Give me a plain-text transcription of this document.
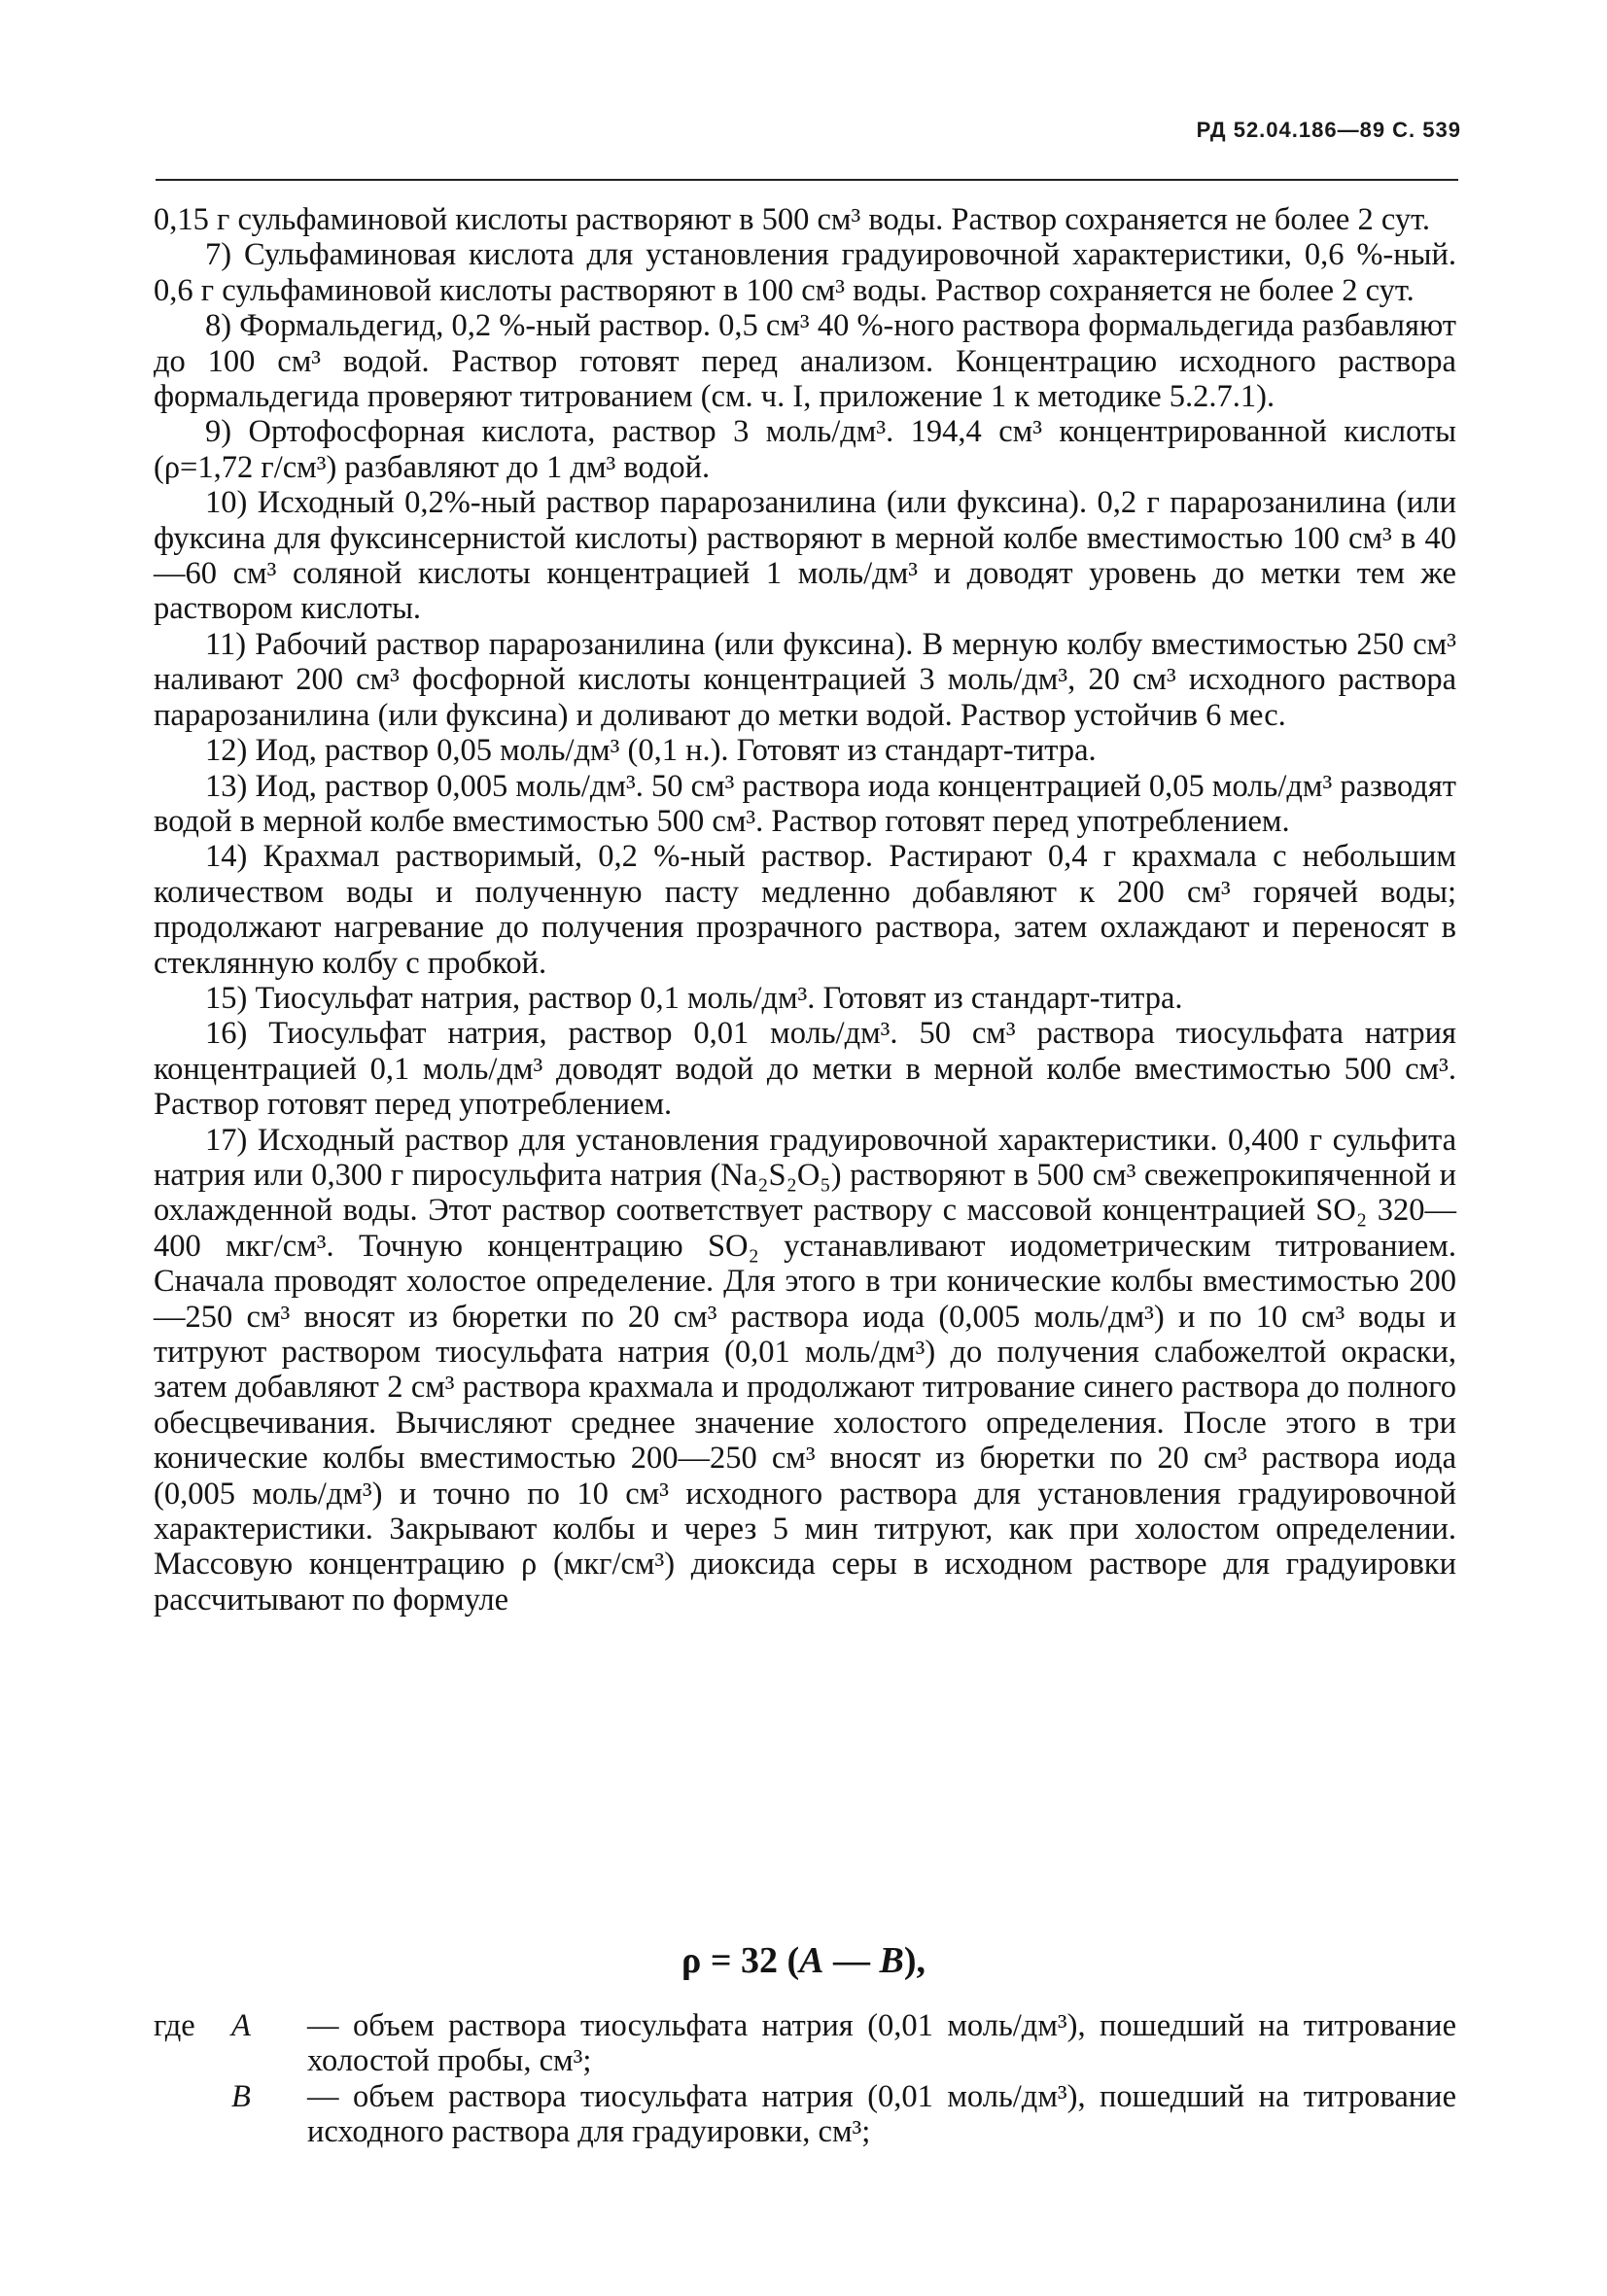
РД 52.04.186—89 С. 539

0,15 г сульфаминовой кислоты растворяют в 500 см³ воды. Раствор сохраняется не более 2 сут.

7) Сульфаминовая кислота для установления градуировочной характеристики, 0,6 %-ный. 0,6 г сульфаминовой кислоты растворяют в 100 см³ воды. Раствор сохраняется не более 2 сут.

8) Формальдегид, 0,2 %-ный раствор. 0,5 см³ 40 %-ного раствора формальдегида разбавляют до 100 см³ водой. Раствор готовят перед анализом. Концентрацию исходного раствора формальдегида проверяют титрованием (см. ч. I, приложение 1 к методике 5.2.7.1).

9) Ортофосфорная кислота, раствор 3 моль/дм³. 194,4 см³ концентрированной кислоты (ρ=1,72 г/см³) разбавляют до 1 дм³ водой.

10) Исходный 0,2%-ный раствор парарозанилина (или фуксина). 0,2 г парарозанилина (или фуксина для фуксинсернистой кислоты) растворяют в мерной колбе вместимостью 100 см³ в 40—60 см³ соляной кислоты концентрацией 1 моль/дм³ и доводят уровень до метки тем же раствором кислоты.

11) Рабочий раствор парарозанилина (или фуксина). В мерную колбу вместимостью 250 см³ наливают 200 см³ фосфорной кислоты концентрацией 3 моль/дм³, 20 см³ исходного раствора парарозанилина (или фуксина) и доливают до метки водой. Раствор устойчив 6 мес.

12) Иод, раствор 0,05 моль/дм³ (0,1 н.). Готовят из стандарт-титра.

13) Иод, раствор 0,005 моль/дм³. 50 см³ раствора иода концентрацией 0,05 моль/дм³ разводят водой в мерной колбе вместимостью 500 см³. Раствор готовят перед употреблением.

14) Крахмал растворимый, 0,2 %-ный раствор. Растирают 0,4 г крахмала с небольшим количеством воды и полученную пасту медленно добавляют к 200 см³ горячей воды; продолжают нагревание до получения прозрачного раствора, затем охлаждают и переносят в стеклянную колбу с пробкой.

15) Тиосульфат натрия, раствор 0,1 моль/дм³. Готовят из стандарт-титра.

16) Тиосульфат натрия, раствор 0,01 моль/дм³. 50 см³ раствора тиосульфата натрия концентрацией 0,1 моль/дм³ доводят водой до метки в мерной колбе вместимостью 500 см³. Раствор готовят перед употреблением.

17) Исходный раствор для установления градуировочной характеристики. 0,400 г сульфита натрия или 0,300 г пиросульфита натрия (Na₂S₂O₅) растворяют в 500 см³ свежепрокипяченной и охлажденной воды. Этот раствор соответствует раствору с массовой концентрацией SO₂ 320—400 мкг/см³. Точную концентрацию SO₂ устанавливают иодометрическим титрованием. Сначала проводят холостое определение. Для этого в три конические колбы вместимостью 200—250 см³ вносят из бюретки по 20 см³ раствора иода (0,005 моль/дм³) и по 10 см³ воды и титруют раствором тиосульфата натрия (0,01 моль/дм³) до получения слабожелтой окраски, затем добавляют 2 см³ раствора крахмала и продолжают титрование синего раствора до полного обесцвечивания. Вычисляют среднее значение холостого определения. После этого в три конические колбы вместимостью 200—250 см³ вносят из бюретки по 20 см³ раствора иода (0,005 моль/дм³) и точно по 10 см³ исходного раствора для установления градуировочной характеристики. Закрывают колбы и через 5 мин титруют, как при холостом определении. Массовую концентрацию ρ (мкг/см³) диоксида серы в исходном растворе для градуировки рассчитывают по формуле

ρ = 32 (A — B),
где	A	— объем раствора тиосульфата натрия (0,01 моль/дм³), пошедший на титрование холостой пробы, см³;
B	— объем раствора тиосульфата натрия (0,01 моль/дм³), пошедший на титрование исходного раствора для градуировки, см³;
